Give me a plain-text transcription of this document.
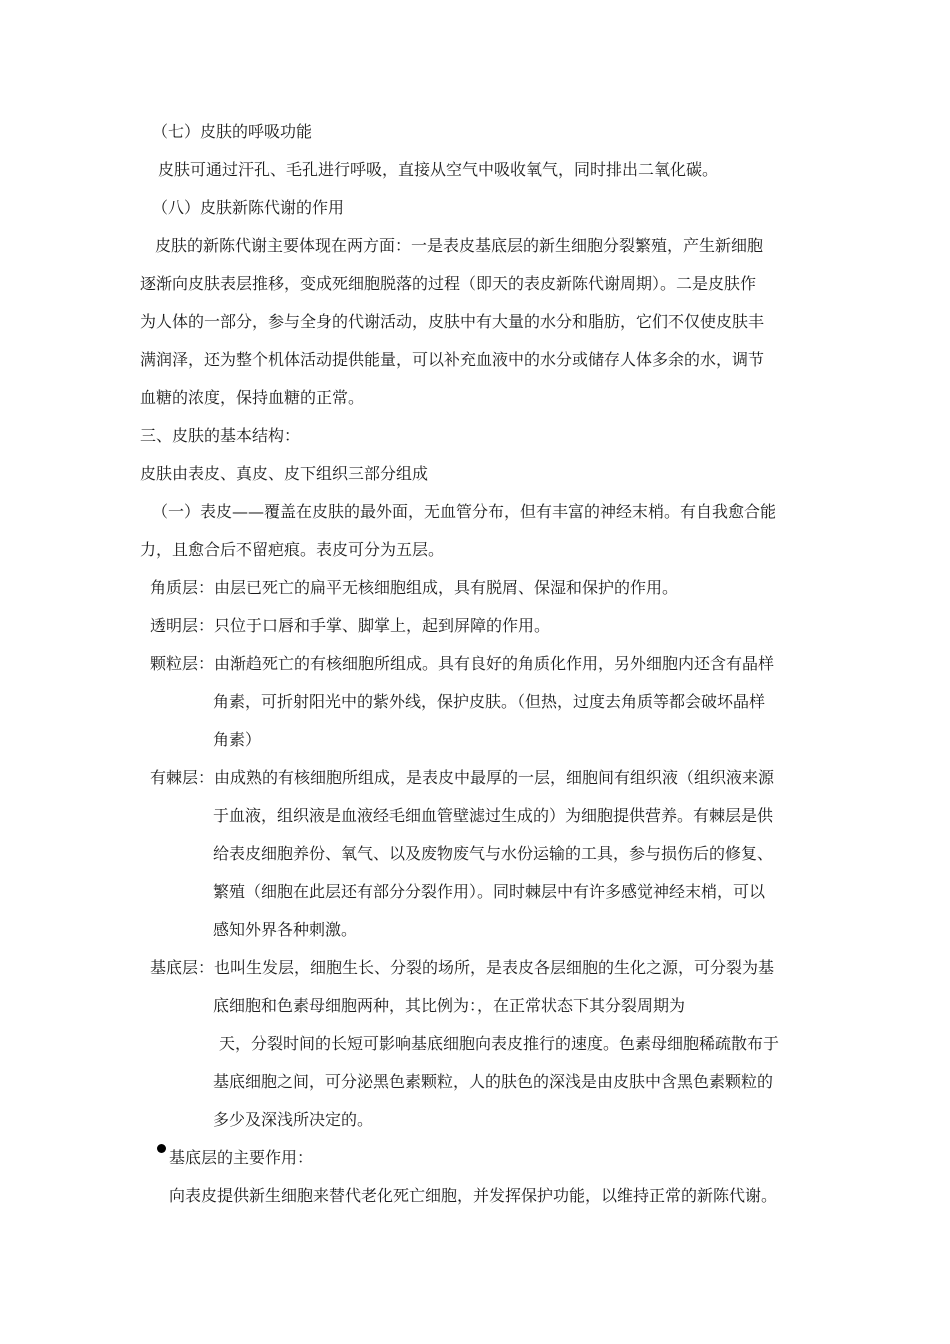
（七）皮肤的呼吸功能
皮肤可通过汗孔、毛孔进行呼吸，直接从空气中吸收氧气，同时排出二氧化碳。
（八）皮肤新陈代谢的作用
皮肤的新陈代谢主要体现在两方面：一是表皮基底层的新生细胞分裂繁殖，产生新细胞
逐渐向皮肤表层推移，变成死细胞脱落的过程（即天的表皮新陈代谢周期）。二是皮肤作
为人体的一部分，参与全身的代谢活动，皮肤中有大量的水分和脂肪，它们不仅使皮肤丰
满润泽，还为整个机体活动提供能量，可以补充血液中的水分或储存人体多余的水，调节
血糖的浓度，保持血糖的正常。
三、皮肤的基本结构：
皮肤由表皮、真皮、皮下组织三部分组成
（一）表皮——覆盖在皮肤的最外面，无血管分布，但有丰富的神经末梢。有自我愈合能
力，且愈合后不留疤痕。表皮可分为五层。
角质层：由层已死亡的扁平无核细胞组成，具有脱屑、保湿和保护的作用。
透明层：只位于口唇和手掌、脚掌上，起到屏障的作用。
颗粒层：由渐趋死亡的有核细胞所组成。具有良好的角质化作用，另外细胞内还含有晶样
角素，可折射阳光中的紫外线，保护皮肤。（但热，过度去角质等都会破坏晶样
角素）
有棘层：由成熟的有核细胞所组成，是表皮中最厚的一层，细胞间有组织液（组织液来源
于血液，组织液是血液经毛细血管壁滤过生成的）为细胞提供营养。有棘层是供
给表皮细胞养份、氧气、以及废物废气与水份运输的工具，参与损伤后的修复、
繁殖（细胞在此层还有部分分裂作用）。同时棘层中有许多感觉神经末梢，可以
感知外界各种刺激。
基底层：也叫生发层，细胞生长、分裂的场所，是表皮各层细胞的生化之源，可分裂为基
底细胞和色素母细胞两种，其比例为：，在正常状态下其分裂周期为
天，分裂时间的长短可影响基底细胞向表皮推行的速度。色素母细胞稀疏散布于
基底细胞之间，可分泌黑色素颗粒，人的肤色的深浅是由皮肤中含黑色素颗粒的
多少及深浅所决定的。
基底层的主要作用：
向表皮提供新生细胞来替代老化死亡细胞，并发挥保护功能，以维持正常的新陈代谢。
